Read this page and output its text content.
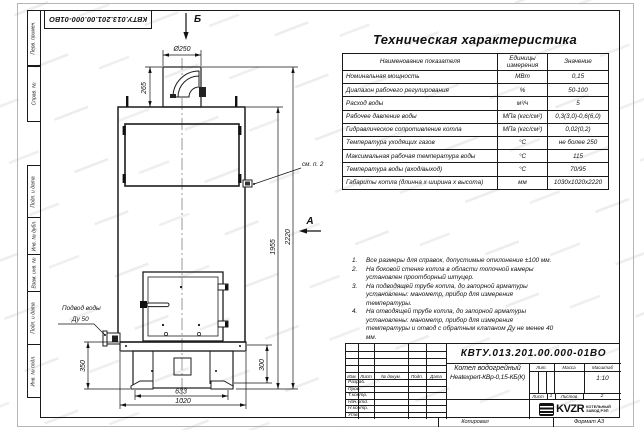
Перв. примен.
Справ. №
Подп. и дата
Инв. № дубл.
Взам. инв. №
Подп. и дата
Инв. № подл.
КВТУ.013.201.00.000-01ВО
Ø250
265
2220
1955
350	300
633
1020
Б
А
см. п. 2
Подвод воды
Ду 50
Техническая характеристика
Наименование показателя	Единицы измерения	Значение
Номинальная мощность	МВт	0,15
Диапазон рабочего регулирования	%	50-100
Расход воды	м³/ч	5
Рабочее давление воды	МПа (кгс/см²)	0,3(3,0)-0,6(6,0)
Гидравлическое сопротивление котла	МПа (кгс/см²)	0,02(0,2)
Температура уходящих газов	°С	не более 250
Максимальная рабочая температура воды	°С	115
Температура воды (вход/выход)	°С	70/95
Габариты котла (длинна х ширина х высота)	мм	1030х1020х2220
1.	Все размеры для справок, допустимые отклонение ±100 мм.
2.	На боковой стенке котла в области топочной камеры установлен проотборный штуцер.
3.	На подводящей трубе котла, до запорной арматуры установлены: манометр, прибор для измерения температуры.
4.	На отводящей трубе котла, до запорной арматуры установлены: манометр, прибор для измерения температуры и отвод с обратным клапаном Ду не менее 40 мм.
Изм. Лист	№ докум.	Подп.	Дата
Разраб.
Пров.
Т.контр.
Нач.отд.
Н.контр.
Утв.
КВТУ.013.201.00.000-01ВО
Котел водогрейный
Heatexpert-КВр-0,15-КБ(К)
Лит.	Масса	Масштаб
1:10
Лист	1	Листов	2
KVZR КОТЕЛЬНЫЙ
ЗАВОД РЭП
Копировал	Формат А3
